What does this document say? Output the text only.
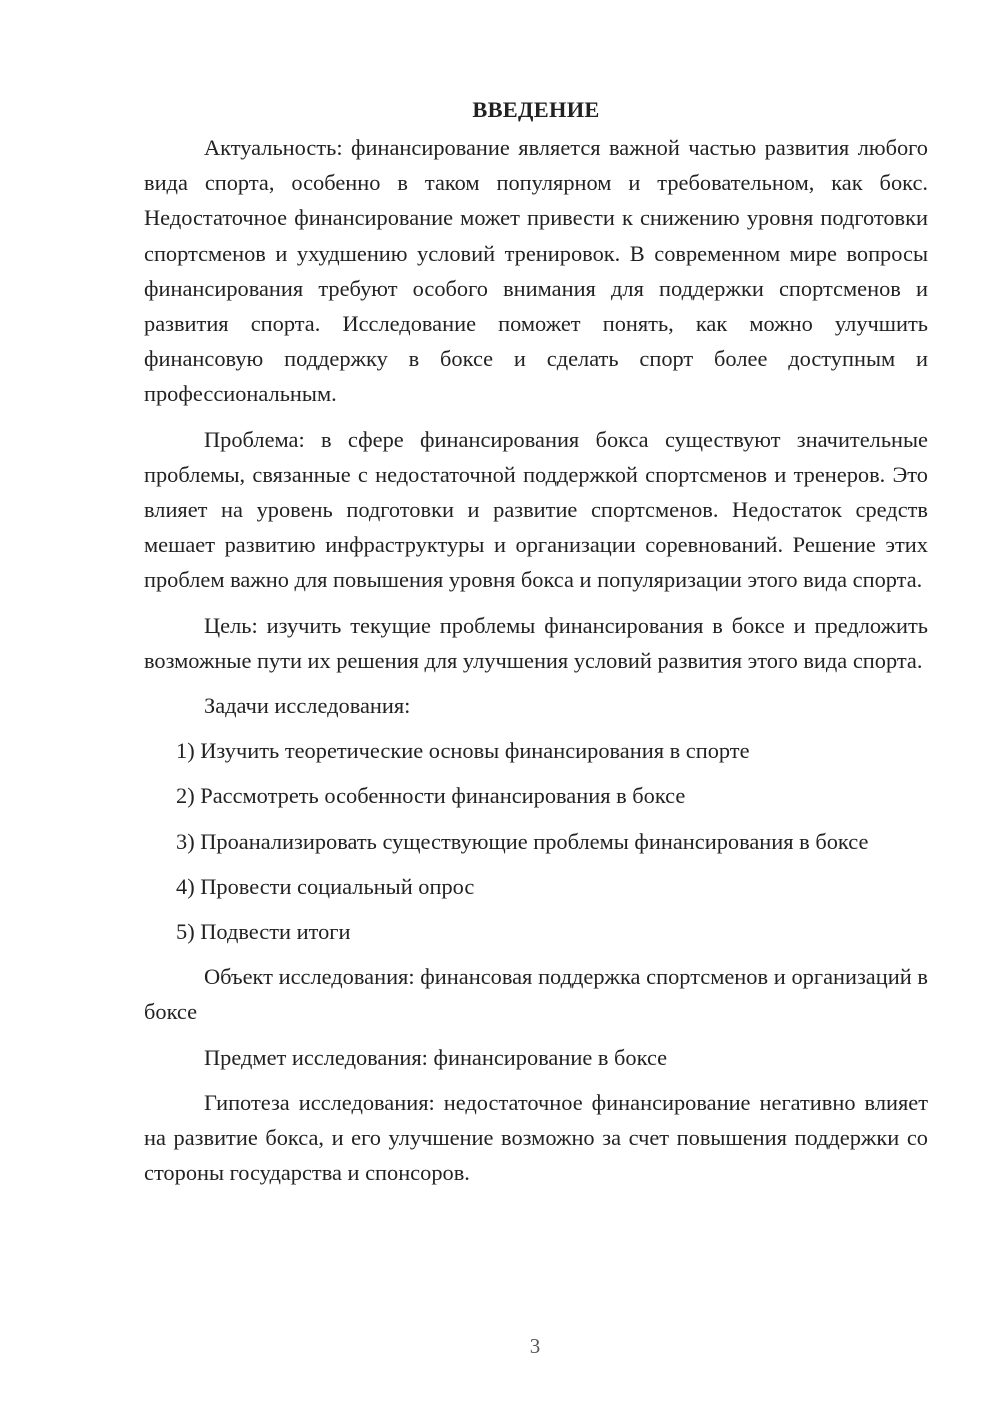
ВВЕДЕНИЕ

Актуальность: финансирование является важной частью развития любого вида спорта, особенно в таком популярном и требовательном, как бокс. Недостаточное финансирование может привести к снижению уровня подготовки спортсменов и ухудшению условий тренировок. В современном мире вопросы финансирования требуют особого внимания для поддержки спортсменов и развития спорта. Исследование поможет понять, как можно улучшить финансовую поддержку в боксе и сделать спорт более доступным и профессиональным.

Проблема: в сфере финансирования бокса существуют значительные проблемы, связанные с недостаточной поддержкой спортсменов и тренеров. Это влияет на уровень подготовки и развитие спортсменов. Недостаток средств мешает развитию инфраструктуры и организации соревнований. Решение этих проблем важно для повышения уровня бокса и популяризации этого вида спорта.

Цель: изучить текущие проблемы финансирования в боксе и предложить возможные пути их решения для улучшения условий развития этого вида спорта.

Задачи исследования:

1) Изучить теоретические основы финансирования в спорте

2) Рассмотреть особенности финансирования в боксе

3) Проанализировать существующие проблемы финансирования в боксе

4) Провести социальный опрос

5) Подвести итоги

Объект исследования: финансовая поддержка спортсменов и организаций в боксе

Предмет исследования: финансирование в боксе

Гипотеза исследования: недостаточное финансирование негативно влияет на развитие бокса, и его улучшение возможно за счет повышения поддержки со стороны государства и спонсоров.

3
